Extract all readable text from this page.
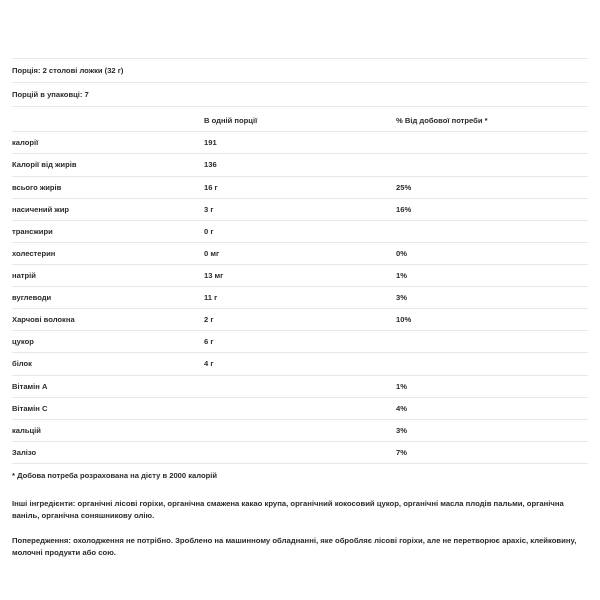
Порція: 2 столові ложки (32 г)		
Порцій в упаковці: 7		
	В одній порції	% Від добової потреби *
калорії	191	
Калорії від жирів	136	
всього жирів	16 г	25%
насичений жир	3 г	16%
трансжири	0 г	
холестерин	0 мг	0%
натрій	13 мг	1%
вуглеводи	11 г	3%
Харчові волокна	2 г	10%
цукор	6 г	
білок	4 г	
Вітамін A		1%
Вітамін C		4%
кальцій		3%
Залізо		7%
* Добова потреба розрахована на дієту в 2000 калорій		

Інші інгредієнти: органічні лісові горіхи, органічна смажена какао крупа, органічний кокосовий цукор, органічні масла плодів пальми, органічна ваніль, органічна соняшникову олію.

Попередження: охолодження не потрібно. Зроблено на машинному обладнанні, яке обробляє лісові горіхи, але не перетворює арахіс, клейковину, молочні продукти або сою.
